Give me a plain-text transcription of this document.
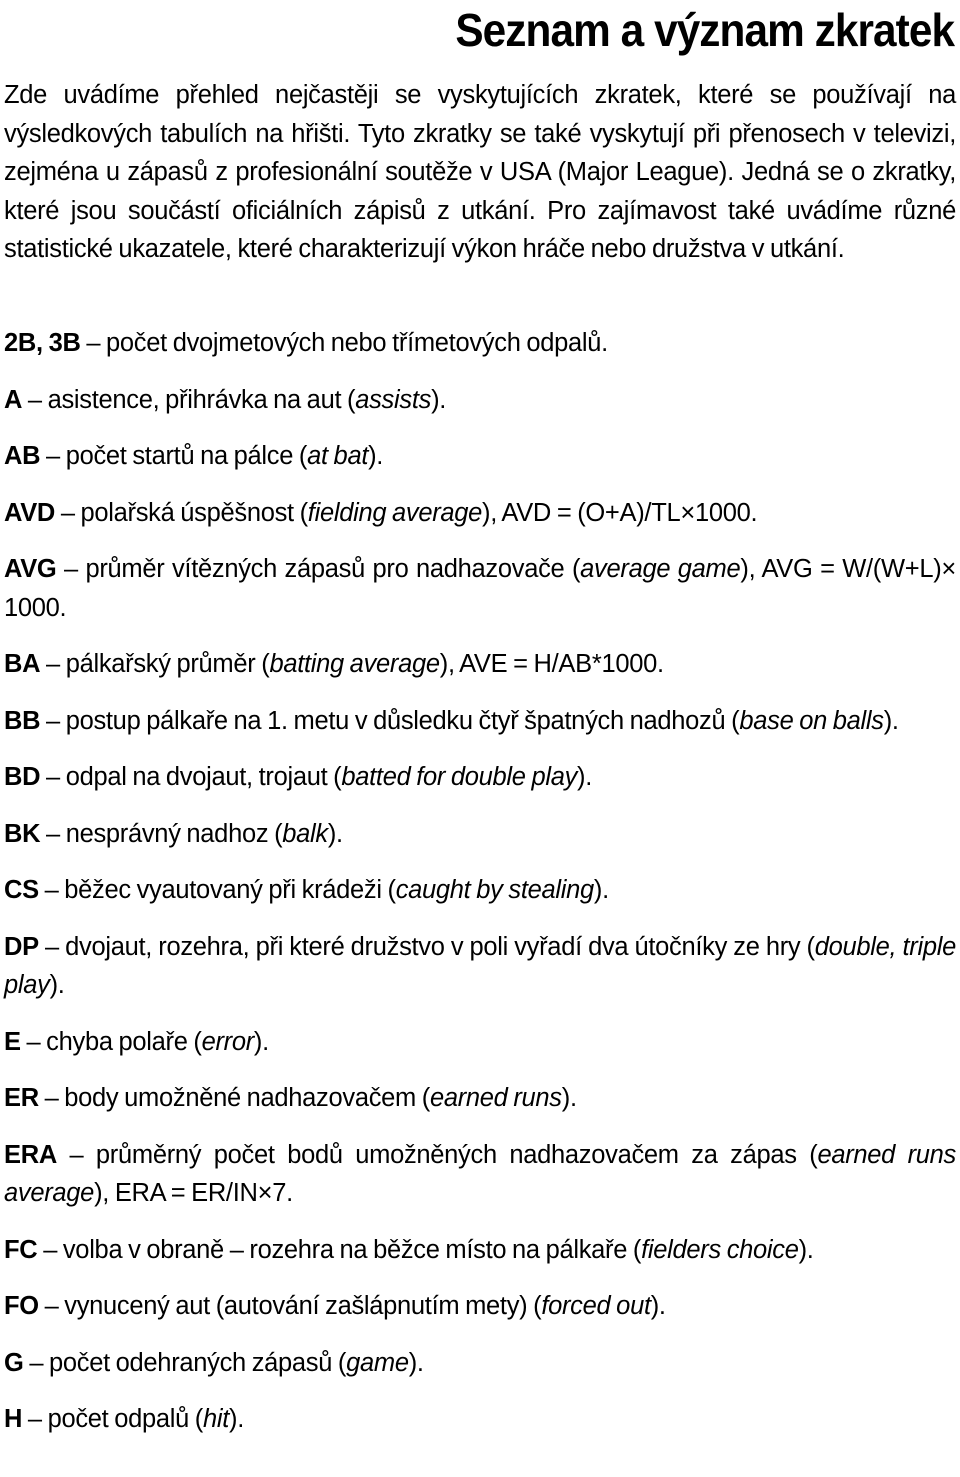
Seznam a význam zkratek

Zde uvádíme přehled nejčastěji se vyskytujících zkratek, které se používají na výsledkových tabulích na hřišti. Tyto zkratky se také vyskytují při přenosech v televizi, zejména u zápasů z profesionální soutěže v USA (Major League). Jedná se o zkratky, které jsou součástí oficiálních zápisů z utkání. Pro zajímavost také uvádíme různé statistické ukazatele, které charakterizují výkon hráče nebo družstva v utkání.

2B, 3B – počet dvojmetových nebo třímetových odpalů.
A – asistence, přihrávka na aut (assists).
AB – počet startů na pálce (at bat).
AVD – polařská úspěšnost (fielding average), AVD = (O+A)/TL×1000.
AVG – průměr vítězných zápasů pro nadhazovače (average game), AVG = W/(W+L)× 1000.
BA – pálkařský průměr (batting average), AVE = H/AB*1000.
BB – postup pálkaře na 1. metu v důsledku čtyř špatných nadhozů (base on balls).
BD – odpal na dvojaut, trojaut (batted for double play).
BK – nesprávný nadhoz (balk).
CS – běžec vyautovaný při krádeži (caught by stealing).
DP – dvojaut, rozehra, při které družstvo v poli vyřadí dva útočníky ze hry (double, triple play).
E – chyba polaře (error).
ER – body umožněné nadhazovačem (earned runs).
ERA – průměrný počet bodů umožněných nadhazovačem za zápas (earned runs average), ERA = ER/IN×7.
FC – volba v obraně – rozehra na běžce místo na pálkaře (fielders choice).
FO – vynucený aut (autování zašlápnutím mety) (forced out).
G – počet odehraných zápasů (game).
H – počet odpalů (hit).
